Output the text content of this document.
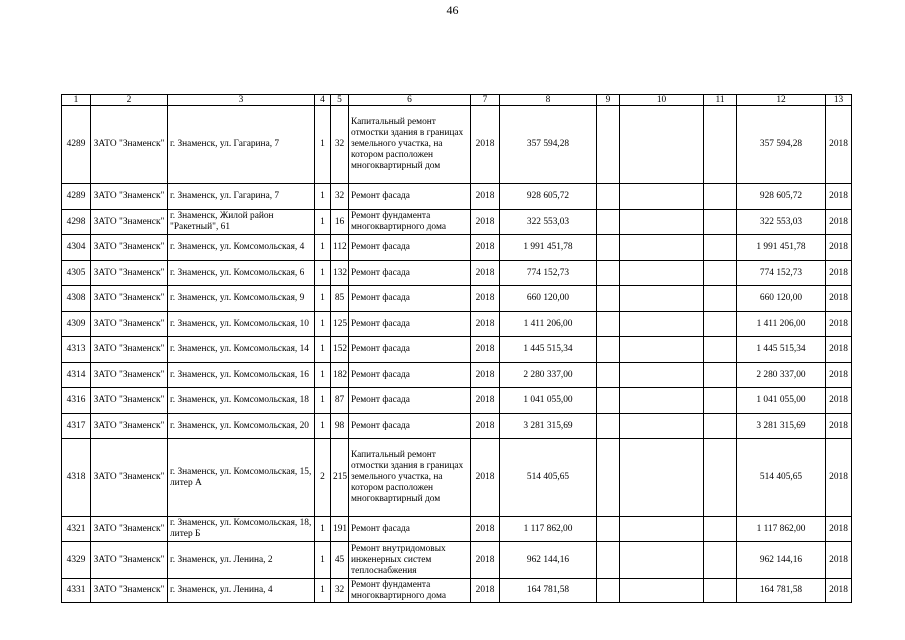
46
1	2	3	4	5	6	7	8	9	10	11	12	13
4289	ЗАТО "Знаменск"	г. Знаменск, ул. Гагарина, 7	1	32	Капитальный ремонт отмостки здания в границах земельного участка, на котором расположен многоквартирный дом	2018	357 594,28				357 594,28	2018
4289	ЗАТО "Знаменск"	г. Знаменск, ул. Гагарина, 7	1	32	Ремонт фасада	2018	928 605,72				928 605,72	2018
4298	ЗАТО "Знаменск"	г. Знаменск, Жилой район "Ракетный", 61	1	16	Ремонт фундамента многоквартирного дома	2018	322 553,03				322 553,03	2018
4304	ЗАТО "Знаменск"	г. Знаменск, ул. Комсомольская, 4	1	112	Ремонт фасада	2018	1 991 451,78				1 991 451,78	2018
4305	ЗАТО "Знаменск"	г. Знаменск, ул. Комсомольская, 6	1	132	Ремонт фасада	2018	774 152,73				774 152,73	2018
4308	ЗАТО "Знаменск"	г. Знаменск, ул. Комсомольская, 9	1	85	Ремонт фасада	2018	660 120,00				660 120,00	2018
4309	ЗАТО "Знаменск"	г. Знаменск, ул. Комсомольская, 10	1	125	Ремонт фасада	2018	1 411 206,00				1 411 206,00	2018
4313	ЗАТО "Знаменск"	г. Знаменск, ул. Комсомольская, 14	1	152	Ремонт фасада	2018	1 445 515,34				1 445 515,34	2018
4314	ЗАТО "Знаменск"	г. Знаменск, ул. Комсомольская, 16	1	182	Ремонт фасада	2018	2 280 337,00				2 280 337,00	2018
4316	ЗАТО "Знаменск"	г. Знаменск, ул. Комсомольская, 18	1	87	Ремонт фасада	2018	1 041 055,00				1 041 055,00	2018
4317	ЗАТО "Знаменск"	г. Знаменск, ул. Комсомольская, 20	1	98	Ремонт фасада	2018	3 281 315,69				3 281 315,69	2018
4318	ЗАТО "Знаменск"	г. Знаменск, ул. Комсомольская, 15, литер А	2	215	Капитальный ремонт отмостки здания в границах земельного участка, на котором расположен многоквартирный дом	2018	514 405,65				514 405,65	2018
4321	ЗАТО "Знаменск"	г. Знаменск, ул. Комсомольская, 18, литер Б	1	191	Ремонт фасада	2018	1 117 862,00				1 117 862,00	2018
4329	ЗАТО "Знаменск"	г. Знаменск, ул. Ленина, 2	1	45	Ремонт внутридомовых инженерных систем теплоснабжения	2018	962 144,16				962 144,16	2018
4331	ЗАТО "Знаменск"	г. Знаменск, ул. Ленина, 4	1	32	Ремонт фундамента многоквартирного дома	2018	164 781,58				164 781,58	2018
